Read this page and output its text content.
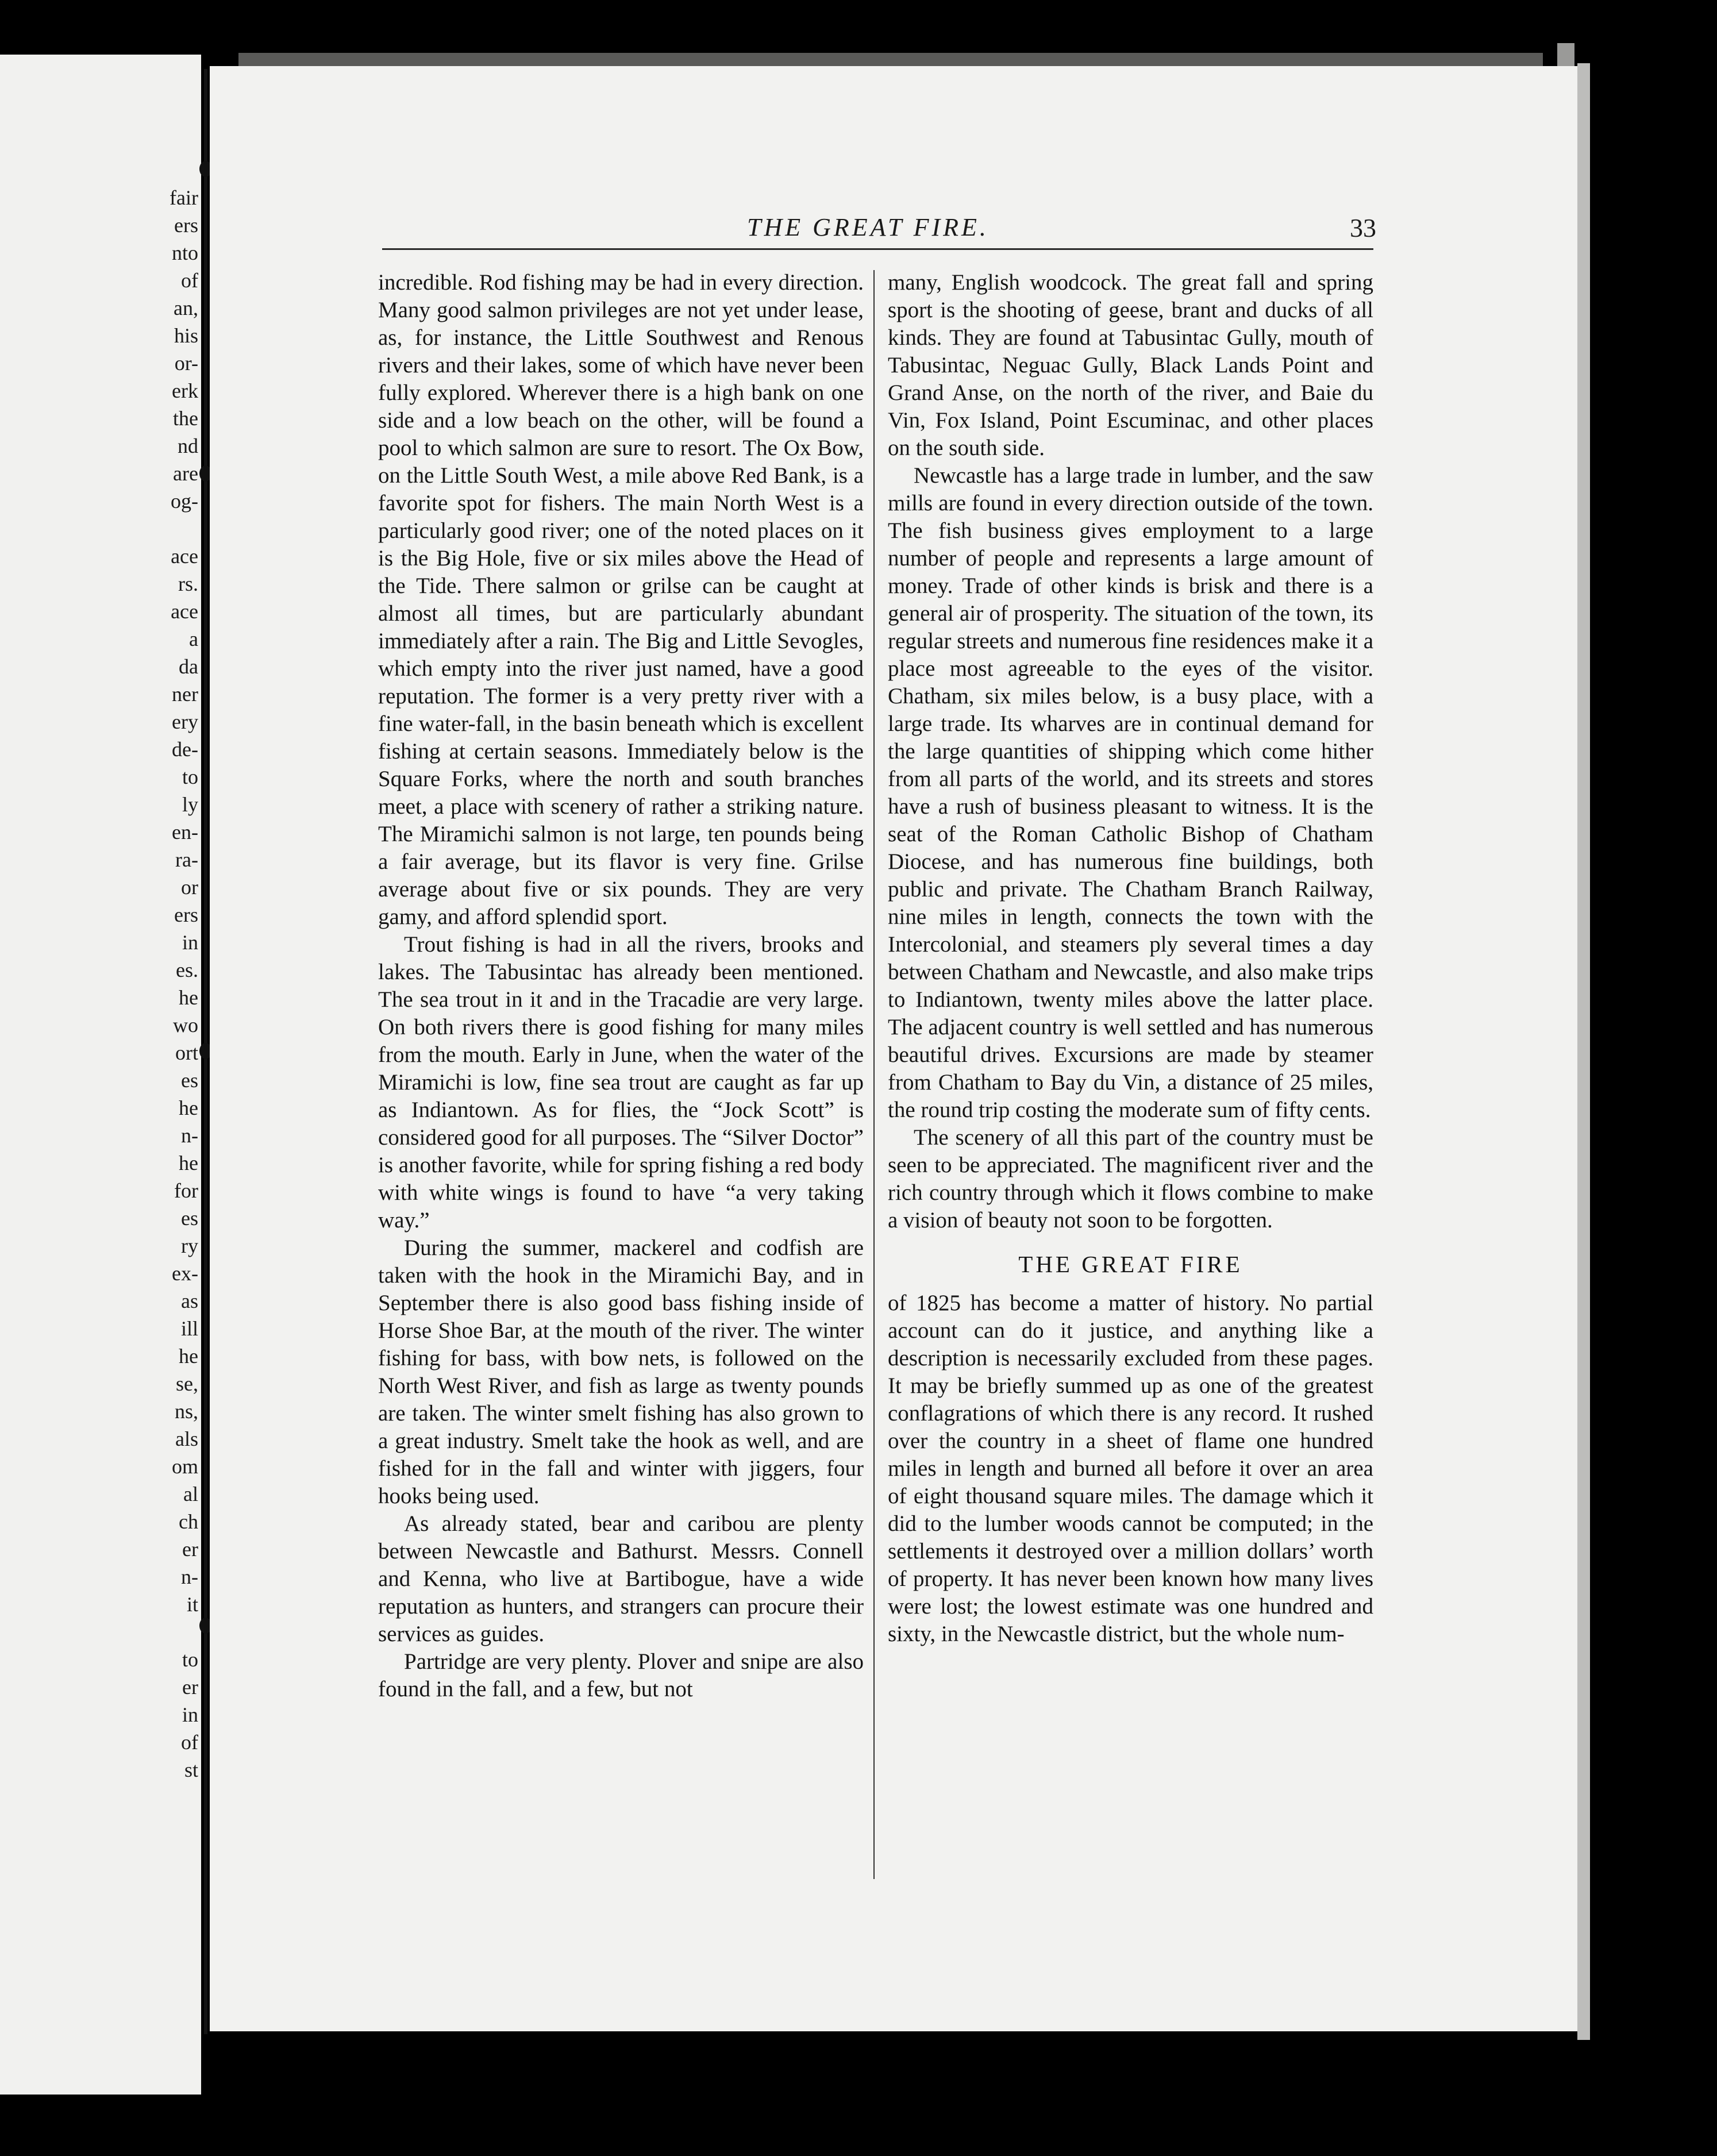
fair
ers
nto
of
an,
his
or-
erk
the
nd
are
og-
ace
rs.
ace
a
da
ner
ery
de-
to
ly
en-
ra-
or
ers
in
es.
he
wo
ort
es
he
n-
he
for
es
ry
ex-
as
ill
he
se,
ns,
als
om
al
ch
er
n-
it
to
er
in
of
st
THE GREAT FIRE.	33

incredible. Rod fishing may be had in every direction. Many good salmon privileges are not yet under lease, as, for instance, the Little Southwest and Renous rivers and their lakes, some of which have never been fully explored. Wherever there is a high bank on one side and a low beach on the other, will be found a pool to which salmon are sure to resort. The Ox Bow, on the Little South West, a mile above Red Bank, is a favorite spot for fishers. The main North West is a particularly good river; one of the noted places on it is the Big Hole, five or six miles above the Head of the Tide. There salmon or grilse can be caught at almost all times, but are particularly abundant immediately after a rain. The Big and Little Sevogles, which empty into the river just named, have a good reputation. The former is a very pretty river with a fine water-fall, in the basin beneath which is excellent fishing at certain seasons. Immediately below is the Square Forks, where the north and south branches meet, a place with scenery of rather a striking nature. The Miramichi salmon is not large, ten pounds being a fair average, but its flavor is very fine. Grilse average about five or six pounds. They are very gamy, and afford splendid sport.

Trout fishing is had in all the rivers, brooks and lakes. The Tabusintac has already been mentioned. The sea trout in it and in the Tracadie are very large. On both rivers there is good fishing for many miles from the mouth. Early in June, when the water of the Miramichi is low, fine sea trout are caught as far up as Indiantown. As for flies, the “Jock Scott” is considered good for all purposes. The “Silver Doctor” is another favorite, while for spring fishing a red body with white wings is found to have “a very taking way.”

During the summer, mackerel and codfish are taken with the hook in the Miramichi Bay, and in September there is also good bass fishing inside of Horse Shoe Bar, at the mouth of the river. The winter fishing for bass, with bow nets, is followed on the North West River, and fish as large as twenty pounds are taken. The winter smelt fishing has also grown to a great industry. Smelt take the hook as well, and are fished for in the fall and winter with jiggers, four hooks being used.

As already stated, bear and caribou are plenty between Newcastle and Bathurst. Messrs. Connell and Kenna, who live at Bartibogue, have a wide reputation as hunters, and strangers can procure their services as guides.

Partridge are very plenty. Plover and snipe are also found in the fall, and a few, but not

many, English woodcock. The great fall and spring sport is the shooting of geese, brant and ducks of all kinds. They are found at Tabusintac Gully, mouth of Tabusintac, Neguac Gully, Black Lands Point and Grand Anse, on the north of the river, and Baie du Vin, Fox Island, Point Escuminac, and other places on the south side.

Newcastle has a large trade in lumber, and the saw mills are found in every direction outside of the town. The fish business gives employment to a large number of people and represents a large amount of money. Trade of other kinds is brisk and there is a general air of prosperity. The situation of the town, its regular streets and numerous fine residences make it a place most agreeable to the eyes of the visitor. Chatham, six miles below, is a busy place, with a large trade. Its wharves are in continual demand for the large quantities of shipping which come hither from all parts of the world, and its streets and stores have a rush of business pleasant to witness. It is the seat of the Roman Catholic Bishop of Chatham Diocese, and has numerous fine buildings, both public and private. The Chatham Branch Railway, nine miles in length, connects the town with the Intercolonial, and steamers ply several times a day between Chatham and Newcastle, and also make trips to Indiantown, twenty miles above the latter place. The adjacent country is well settled and has numerous beautiful drives. Excursions are made by steamer from Chatham to Bay du Vin, a distance of 25 miles, the round trip costing the moderate sum of fifty cents.

The scenery of all this part of the country must be seen to be appreciated. The magnificent river and the rich country through which it flows combine to make a vision of beauty not soon to be forgotten.

THE GREAT FIRE

of 1825 has become a matter of history. No partial account can do it justice, and anything like a description is necessarily excluded from these pages. It may be briefly summed up as one of the greatest conflagrations of which there is any record. It rushed over the country in a sheet of flame one hundred miles in length and burned all before it over an area of eight thousand square miles. The damage which it did to the lumber woods cannot be computed; in the settlements it destroyed over a million dollars’ worth of property. It has never been known how many lives were lost; the lowest estimate was one hundred and sixty, in the Newcastle district, but the whole num-
